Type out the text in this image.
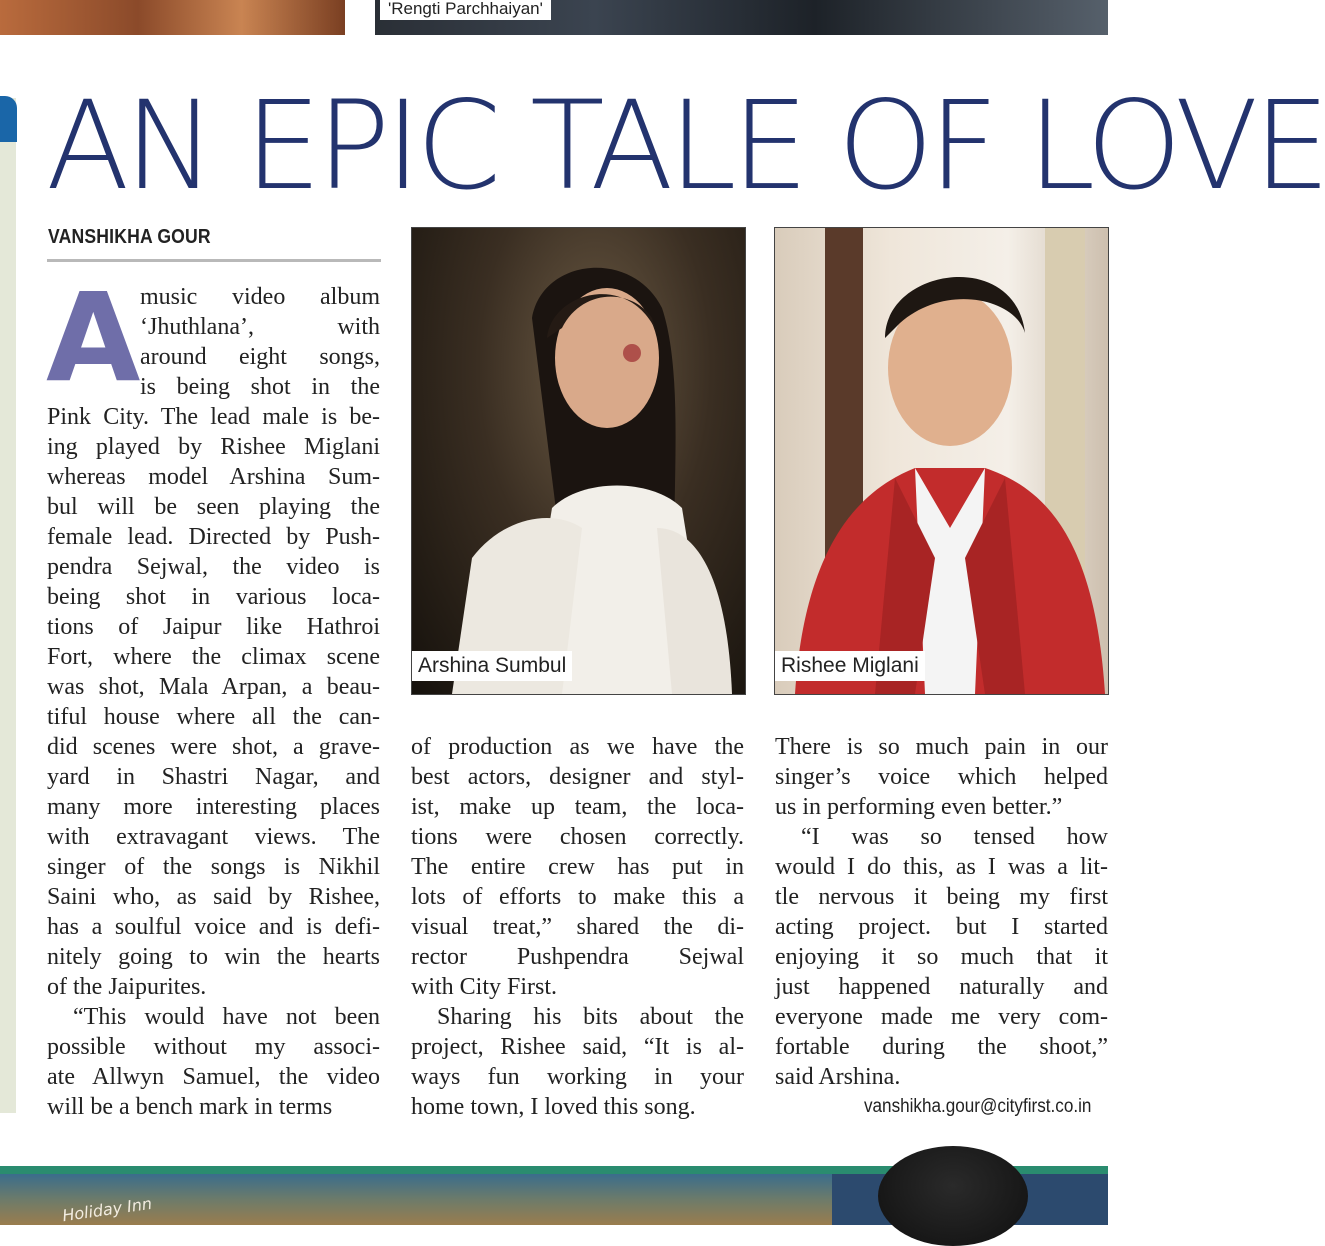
'Rengti Parchhaiyan'
AN EPIC TALE OF LOVE
VANSHIKHA GOUR
A music video album
‘Jhuthlana’, with
around eight songs,
is being shot in the
Pink City. The lead male is be-
ing played by Rishee Miglani
whereas model Arshina Sum-
bul will be seen playing the
female lead. Directed by Push-
pendra Sejwal, the video is
being shot in various loca-
tions of Jaipur like Hathroi
Fort, where the climax scene
was shot, Mala Arpan, a beau-
tiful house where all the can-
did scenes were shot, a grave-
yard in Shastri Nagar, and
many more interesting places
with extravagant views. The
singer of the songs is Nikhil
Saini who, as said by Rishee,
has a soulful voice and is defi-
nitely going to win the hearts
of the Jaipurites.
“This would have not been
possible without my associ-
ate Allwyn Samuel, the video
will be a bench mark in terms
Arshina Sumbul	Rishee Miglani
of production as we have the
best actors, designer and styl-
ist, make up team, the loca-
tions were chosen correctly.
The entire crew has put in
lots of efforts to make this a
visual treat,” shared the di-
rector Pushpendra Sejwal
with City First.
Sharing his bits about the
project, Rishee said, “It is al-
ways fun working in your
home town, I loved this song.
There is so much pain in our
singer’s voice which helped
us in performing even better.”
“I was so tensed how
would I do this, as I was a lit-
tle nervous it being my first
acting project. but I started
enjoying it so much that it
just happened naturally and
everyone made me very com-
fortable during the shoot,”
said Arshina.
vanshikha.gour@cityfirst.co.in
Holiday Inn
